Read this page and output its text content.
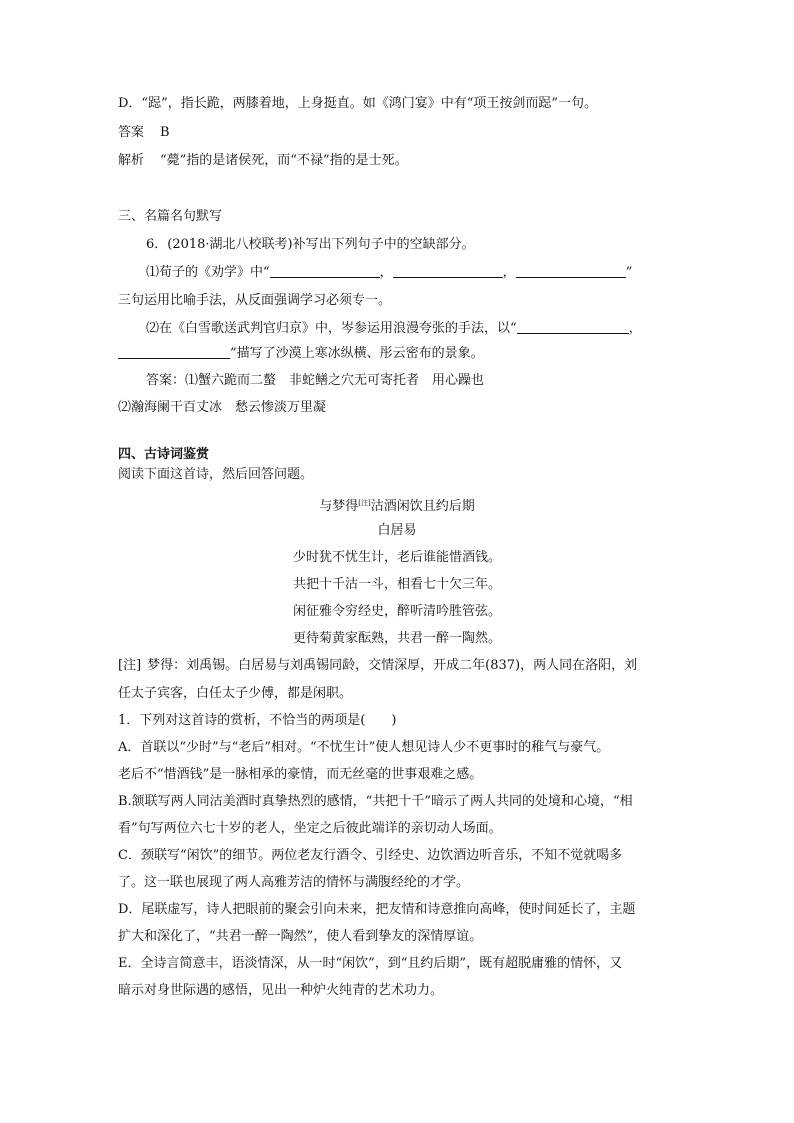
D．“跽”，指长跪，两膝着地，上身挺直。如《鸿门宴》中有“项王按剑而跽”一句。
答案 B
解析 “薨”指的是诸侯死，而“不禄”指的是士死。
三、名篇名句默写
6．(2018·湖北八校联考)补写出下列句子中的空缺部分。
⑴荀子的《劝学》中“	，	，	”
三句运用比喻手法，从反面强调学习必须专一。
⑵在《白雪歌送武判官归京》中，岑参运用浪漫夸张的手法，以“	，
”描写了沙漠上寒冰纵横、彤云密布的景象。
答案：⑴蟹六跪而二螯　非蛇鳝之穴无可寄托者　用心躁也
⑵瀚海阑干百丈冰　愁云惨淡万里凝
四、古诗词鉴赏
阅读下面这首诗，然后回答问题。
与梦得[注]沽酒闲饮且约后期
白居易
少时犹不忧生计，老后谁能惜酒钱。
共把十千沽一斗，相看七十欠三年。
闲征雅令穷经史，醉听清吟胜管弦。
更待菊黄家酝熟，共君一醉一陶然。
[注] 梦得：刘禹锡。白居易与刘禹锡同龄，交情深厚，开成二年(837)，两人同在洛阳，刘
任太子宾客，白任太子少傅，都是闲职。
1．下列对这首诗的赏析，不恰当的两项是(　　)
A．首联以“少时”与“老后”相对。“不忧生计”使人想见诗人少不更事时的稚气与豪气。
老后不“惜酒钱”是一脉相承的豪情，而无丝毫的世事艰难之感。
B.颔联写两人同沽美酒时真挚热烈的感情，“共把十千”暗示了两人共同的处境和心境，“相
看”句写两位六七十岁的老人，坐定之后彼此端详的亲切动人场面。
C．颈联写“闲饮”的细节。两位老友行酒令、引经史、边饮酒边听音乐，不知不觉就喝多
了。这一联也展现了两人高雅芳洁的情怀与满腹经纶的才学。
D．尾联虚写，诗人把眼前的聚会引向未来，把友情和诗意推向高峰，使时间延长了，主题
扩大和深化了，“共君一醉一陶然”，使人看到挚友的深情厚谊。
E．全诗言简意丰，语淡情深，从一时“闲饮”，到“且约后期”，既有超脱庸雅的情怀，又
暗示对身世际遇的感悟，见出一种炉火纯青的艺术功力。
